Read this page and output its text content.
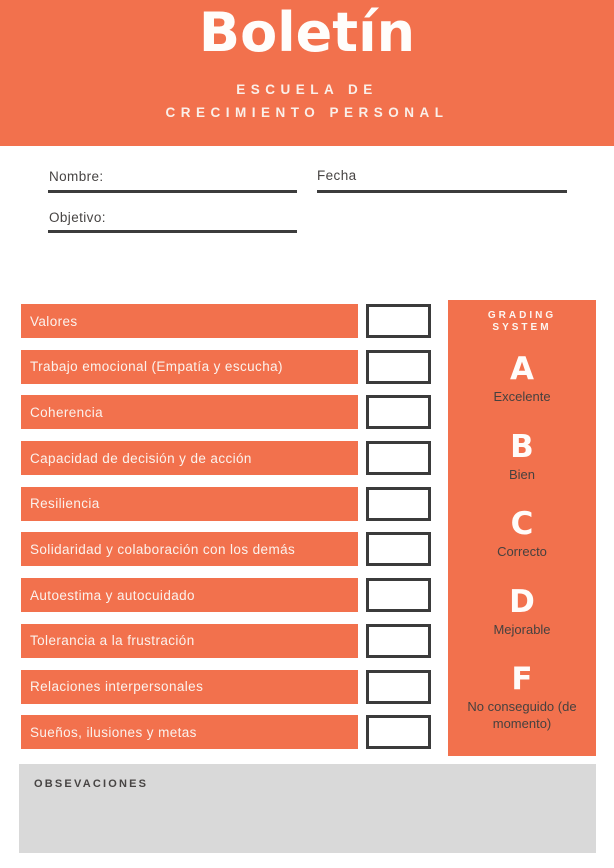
Boletín
ESCUELA DE
CRECIMIENTO PERSONAL
Nombre:	Fecha
Objetivo:
Valores
Trabajo emocional (Empatía y escucha)
Coherencia
Capacidad de decisión y de acción
Resiliencia
Solidaridad y colaboración con los demás
Autoestima y autocuidado
Tolerancia a la frustración
Relaciones interpersonales
Sueños, ilusiones y metas
GRADING
SYSTEM
A
Excelente
B
Bien
C
Correcto
D
Mejorable
F
No conseguido (de momento)
OBSEVACIONES
